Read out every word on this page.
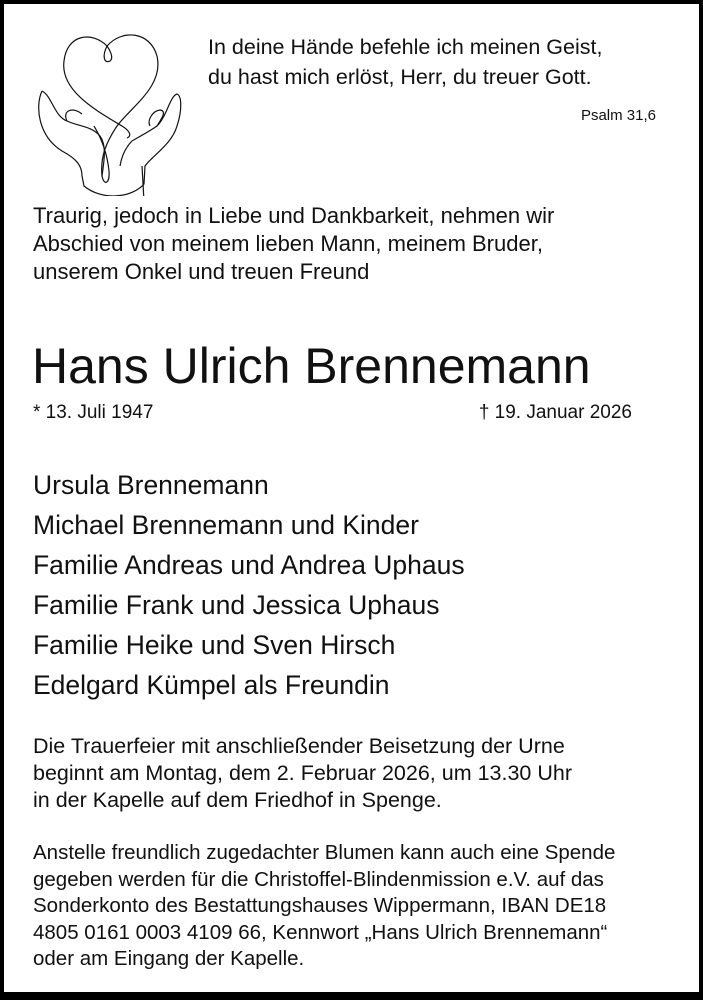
In deine Hände befehle ich meinen Geist,
du hast mich erlöst, Herr, du treuer Gott.
Psalm 31,6
Traurig, jedoch in Liebe und Dankbarkeit, nehmen wir
Abschied von meinem lieben Mann, meinem Bruder,
unserem Onkel und treuen Freund
Hans Ulrich Brennemann
* 13. Juli 1947	† 19. Januar 2026
Ursula Brennemann
Michael Brennemann und Kinder
Familie Andreas und Andrea Uphaus
Familie Frank und Jessica Uphaus
Familie Heike und Sven Hirsch
Edelgard Kümpel als Freundin
Die Trauerfeier mit anschließender Beisetzung der Urne
beginnt am Montag, dem 2. Februar 2026, um 13.30 Uhr
in der Kapelle auf dem Friedhof in Spenge.
Anstelle freundlich zugedachter Blumen kann auch eine Spende
gegeben werden für die Christoffel-Blindenmission e.V. auf das
Sonderkonto des Bestattungshauses Wippermann, IBAN DE18
4805 0161 0003 4109 66, Kennwort „Hans Ulrich Brennemann“
oder am Eingang der Kapelle.
